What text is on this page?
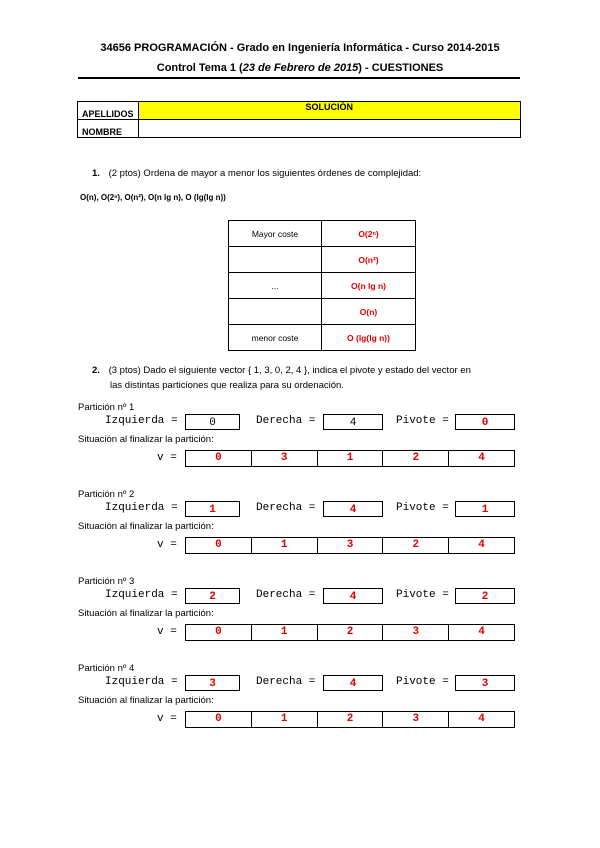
34656 PROGRAMACIÓN - Grado en Ingeniería Informática - Curso 2014-2015
Control Tema 1 (23 de Febrero de 2015) - CUESTIONES
APELLIDOS	SOLUCIÓN
NOMBRE	
1. (2 ptos) Ordena de mayor a menor los siguientes órdenes de complejidad:
O(n), O(2ⁿ), O(n²), O(n lg n), O (lg(lg n))
Mayor coste	O(2ⁿ)
	O(n²)
...	O(n lg n)
	O(n)
menor coste	O (lg(lg n))
2. (3 ptos) Dado el siguiente vector { 1, 3, 0, 2, 4 }, indica el pivote y estado del vector en
las distintas particiones que realiza para su ordenación.
Partición nº 1
Izquierda =	0	Derecha =	4	Pivote =	0
Situación al finalizar la partición:
v =	0	3	1	2	4
Partición nº 2
Izquierda =	1	Derecha =	4	Pivote =	1
Situación al finalizar la partición:
v =	0	1	3	2	4
Partición nº 3
Izquierda =	2	Derecha =	4	Pivote =	2
Situación al finalizar la partición:
v =	0	1	2	3	4
Partición nº 4
Izquierda =	3	Derecha =	4	Pivote =	3
Situación al finalizar la partición:
v =	0	1	2	3	4
